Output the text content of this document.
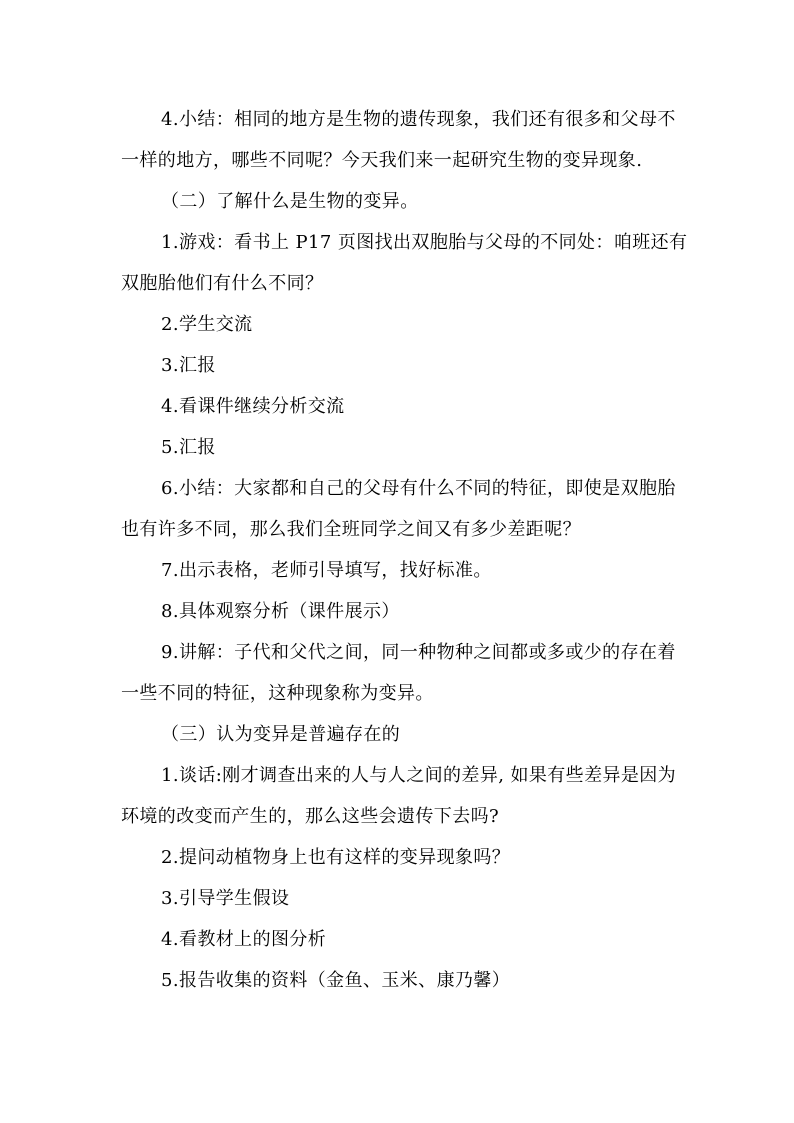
4.小结：相同的地方是生物的遗传现象，我们还有很多和父母不
一样的地方，哪些不同呢？今天我们来一起研究生物的变异现象.

（二）了解什么是生物的变异。

1.游戏：看书上 P17 页图找出双胞胎与父母的不同处：咱班还有
双胞胎他们有什么不同？

2.学生交流

3.汇报

4.看课件继续分析交流

5.汇报

6.小结：大家都和自己的父母有什么不同的特征，即使是双胞胎
也有许多不同，那么我们全班同学之间又有多少差距呢？

7.出示表格，老师引导填写，找好标准。

8.具体观察分析（课件展示）

9.讲解：子代和父代之间，同一种物种之间都或多或少的存在着
一些不同的特征，这种现象称为变异。

（三）认为变异是普遍存在的

1.谈话:刚才调查出来的人与人之间的差异, 如果有些差异是因为
环境的改变而产生的，那么这些会遗传下去吗?

2.提问动植物身上也有这样的变异现象吗？

3.引导学生假设

4.看教材上的图分析

5.报告收集的资料（金鱼、玉米、康乃馨）
